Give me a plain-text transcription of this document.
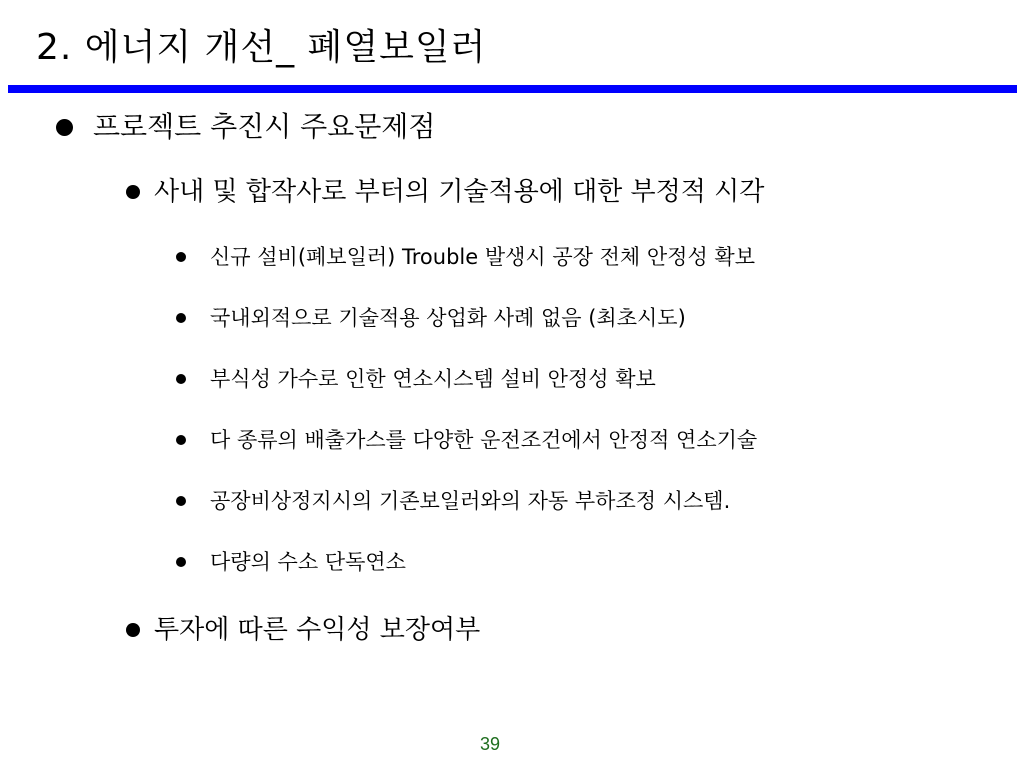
2. 에너지 개선_ 폐열보일러
프로젝트 추진시 주요문제점
사내 및 합작사로 부터의 기술적용에 대한 부정적 시각
신규 설비(폐보일러) Trouble 발생시 공장 전체 안정성 확보
국내외적으로 기술적용 상업화 사례 없음 (최초시도)
부식성 가수로 인한 연소시스템 설비 안정성 확보
다 종류의 배출가스를 다양한 운전조건에서 안정적 연소기술
공장비상정지시의 기존보일러와의 자동 부하조정 시스템.
다량의 수소 단독연소
투자에 따른 수익성 보장여부
39
